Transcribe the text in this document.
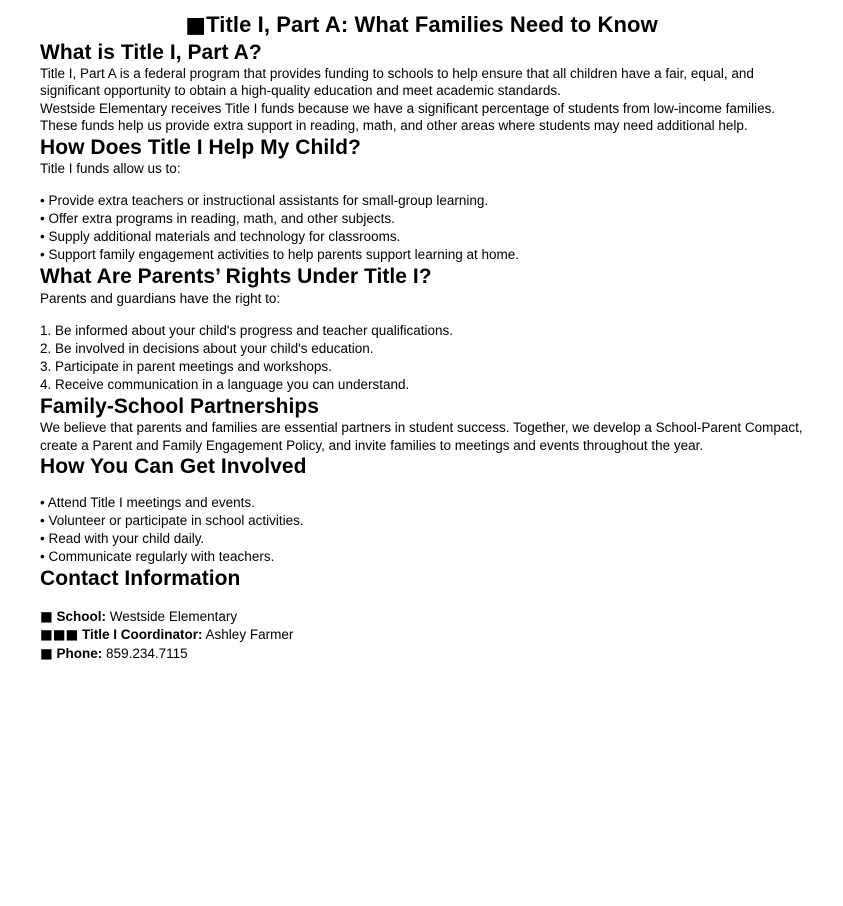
■Title I, Part A: What Families Need to Know
What is Title I, Part A?

Title I, Part A is a federal program that provides funding to schools to help ensure that all children have a fair, equal, and significant opportunity to obtain a high-quality education and meet academic standards.

Westside Elementary receives Title I funds because we have a significant percentage of students from low-income families. These funds help us provide extra support in reading, math, and other areas where students may need additional help.

How Does Title I Help My Child?

Title I funds allow us to:

• Provide extra teachers or instructional assistants for small-group learning.
• Offer extra programs in reading, math, and other subjects.
• Supply additional materials and technology for classrooms.
• Support family engagement activities to help parents support learning at home.
What Are Parents’ Rights Under Title I?

Parents and guardians have the right to:

1. Be informed about your child's progress and teacher qualifications.
2. Be involved in decisions about your child's education.
3. Participate in parent meetings and workshops.
4. Receive communication in a language you can understand.
Family-School Partnerships

We believe that parents and families are essential partners in student success. Together, we develop a School-Parent Compact, create a Parent and Family Engagement Policy, and invite families to meetings and events throughout the year.

How You Can Get Involved
• Attend Title I meetings and events.
• Volunteer or participate in school activities.
• Read with your child daily.
• Communicate regularly with teachers.
Contact Information
■ School: Westside Elementary
■■■ Title I Coordinator: Ashley Farmer
■ Phone: 859.234.7115
